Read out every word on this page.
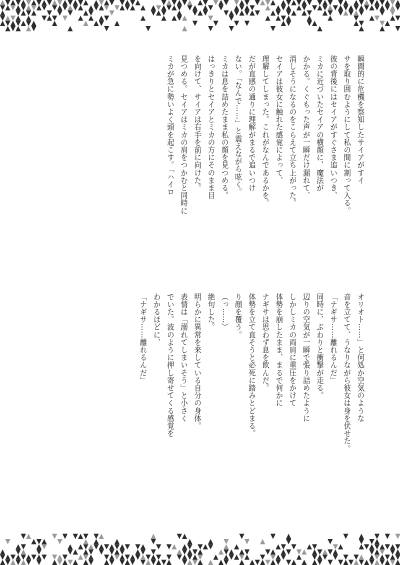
瞬間的に危機を察知したサイアがすイ
サを取り囲むようにして私の間に割って入る。
彼の背後にはセイアがすぐさま追いつき、
ミカに近づいたセイアの横顔に、魔法が
かかる。くぐもった声が一瞬だけ漏れて、
消しそうになるのをこらえて立ち上がった。
セイアは彼女に触れた感覚によって、
理解してしまった。これがなんであるかを。
だが直感の通りに理解がまるで追いつけ
ない。「なんで……」と震えながら呟く。
ミカは息を詰めたまま私の顔を見つめる。
はっきりとセイアとミカの方にそのまま目
を向けて、サイアは右手を前に向けた。
見つめる。セイアはミカの肩をつかむと同時に
ミカが急に勢いよく頭を起こす。「ハイロ
オリオト……」と何処か空気のような
音を立てて、うなりながら彼女は身を伏せた。
「ナギサ……離れるんだ」
同時に、ぶわりと衝撃が走る。
辺りの空気が一瞬で張り詰めたように
しかしミカの両肩に重圧をかけて
体勢を崩したまま、まるで何かに
ナギサは思わず息を飲んだ。
体勢を立て直そうと必死に踏みとどまる。
り顔を覆う。
（っ……）
絶句した。
明らかに異常を来している自分の身体。
表情は「溺れてしまいそう」と小さく
でいた。波のように押し寄せてくる感覚を
わかるほどに、
「ナギサ……離れるんだ」
